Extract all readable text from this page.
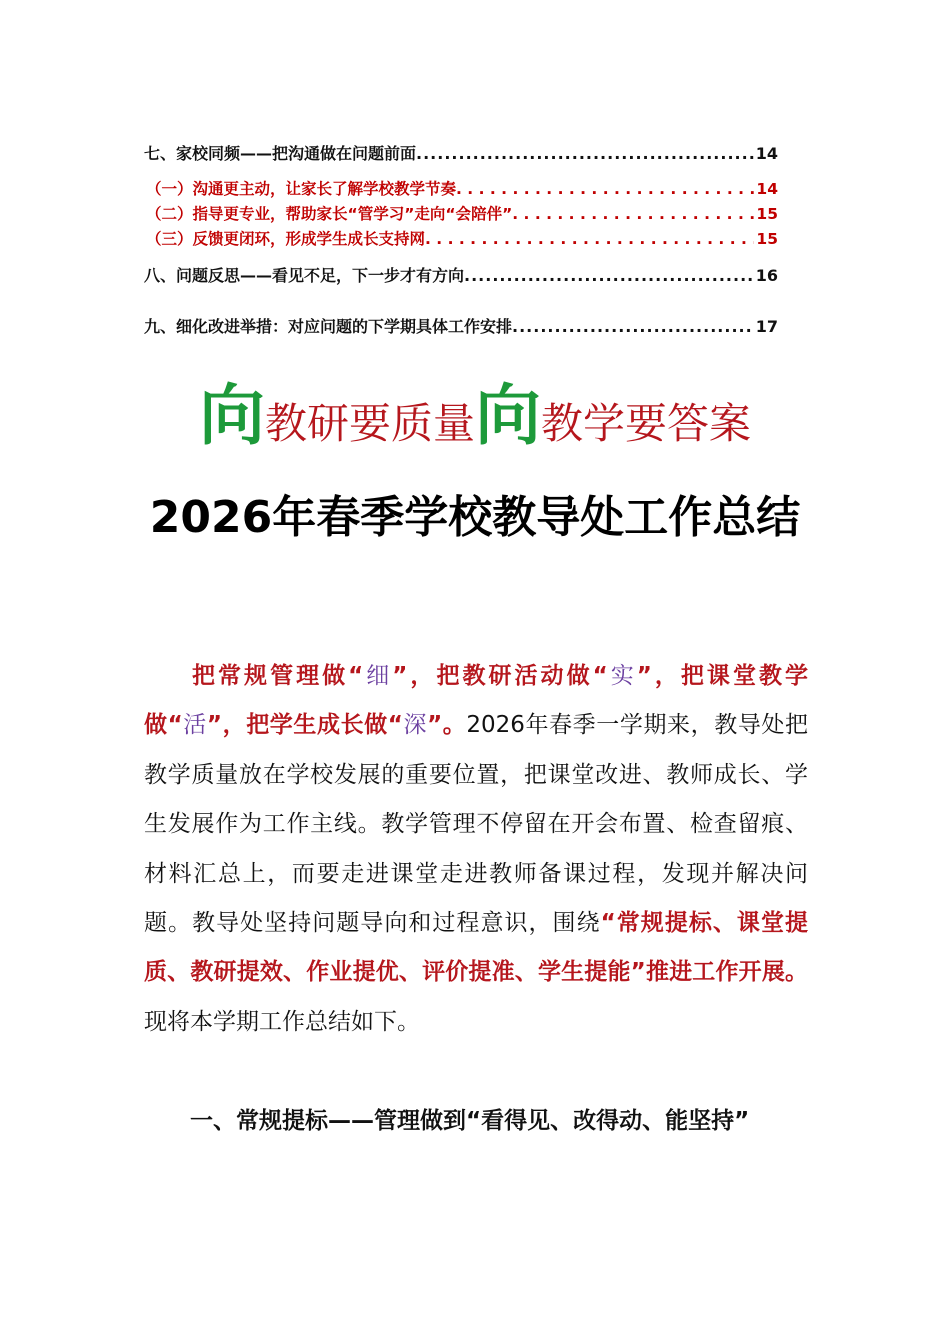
七、家校同频——把沟通做在问题前面 .....	14
（一）沟通更主动，让家长了解学校教学节奏 . . .	14
（二）指导更专业，帮助家长“管学习”走向“会陪伴” . . .	15
（三）反馈更闭环，形成学生成长支持网 . . .	15
八、问题反思——看见不足，下一步才有方向 .....	16
九、细化改进举措：对应问题的下学期具体工作安排 .....	17
向 教研要质量 向 教学要答案
2026年春季学校教导处工作总结
把常规管理做“细”，把教研活动做“实”，把课堂教学做“活”，把学生成长做“深”。2026年春季一学期来，教导处把教学质量放在学校发展的重要位置，把课堂改进、教师成长、学生发展作为工作主线。教学管理不停留在开会布置、检查留痕、材料汇总上，而要走进课堂走进教师备课过程，发现并解决问题。教导处坚持问题导向和过程意识，围绕“常规提标、课堂提质、教研提效、作业提优、评价提准、学生提能”推进工作开展。现将本学期工作总结如下。
一、常规提标——管理做到“看得见、改得动、能坚持”
